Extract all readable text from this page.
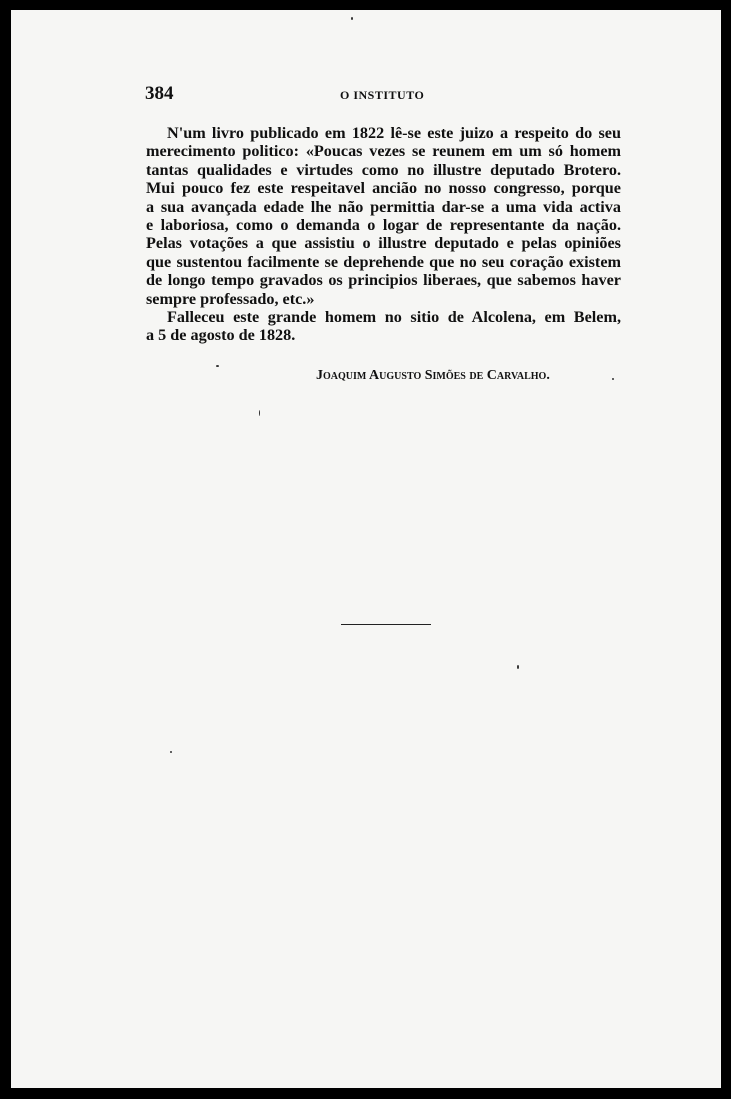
384	O INSTITUTO
N'um livro publicado em 1822 lê-se este juizo a respeito do seu
merecimento politico: «Poucas vezes se reunem em um só homem
tantas qualidades e virtudes como no illustre deputado Brotero.
Mui pouco fez este respeitavel ancião no nosso congresso, porque
a sua avançada edade lhe não permittia dar-se a uma vida activa
e laboriosa, como o demanda o logar de representante da nação.
Pelas votações a que assistiu o illustre deputado e pelas opiniões
que sustentou facilmente se deprehende que no seu coração existem
de longo tempo gravados os principios liberaes, que sabemos haver
sempre professado, etc.»
Falleceu este grande homem no sitio de Alcolena, em Belem,
a 5 de agosto de 1828.
Joaquim Augusto Simões de Carvalho.
